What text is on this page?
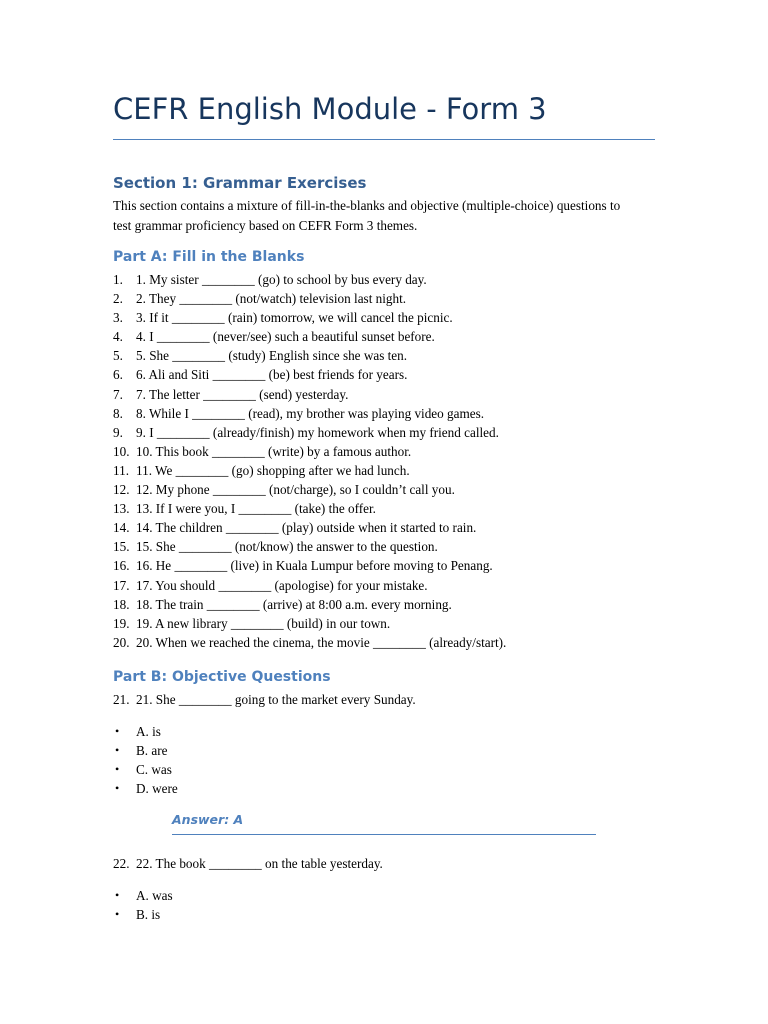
CEFR English Module - Form 3
Section 1: Grammar Exercises
This section contains a mixture of fill-in-the-blanks and objective (multiple-choice) questions to test grammar proficiency based on CEFR Form 3 themes.
Part A: Fill in the Blanks
1. 1. My sister ________ (go) to school by bus every day.
2. 2. They ________ (not/watch) television last night.
3. 3. If it ________ (rain) tomorrow, we will cancel the picnic.
4. 4. I ________ (never/see) such a beautiful sunset before.
5. 5. She ________ (study) English since she was ten.
6. 6. Ali and Siti ________ (be) best friends for years.
7. 7. The letter ________ (send) yesterday.
8. 8. While I ________ (read), my brother was playing video games.
9. 9. I ________ (already/finish) my homework when my friend called.
10. 10. This book ________ (write) by a famous author.
11. 11. We ________ (go) shopping after we had lunch.
12. 12. My phone ________ (not/charge), so I couldn’t call you.
13. 13. If I were you, I ________ (take) the offer.
14. 14. The children ________ (play) outside when it started to rain.
15. 15. She ________ (not/know) the answer to the question.
16. 16. He ________ (live) in Kuala Lumpur before moving to Penang.
17. 17. You should ________ (apologise) for your mistake.
18. 18. The train ________ (arrive) at 8:00 a.m. every morning.
19. 19. A new library ________ (build) in our town.
20. 20. When we reached the cinema, the movie ________ (already/start).
Part B: Objective Questions
21. 21. She ________ going to the market every Sunday.
• A. is
• B. are
• C. was
• D. were
Answer: A
22. 22. The book ________ on the table yesterday.
• A. was
• B. is
